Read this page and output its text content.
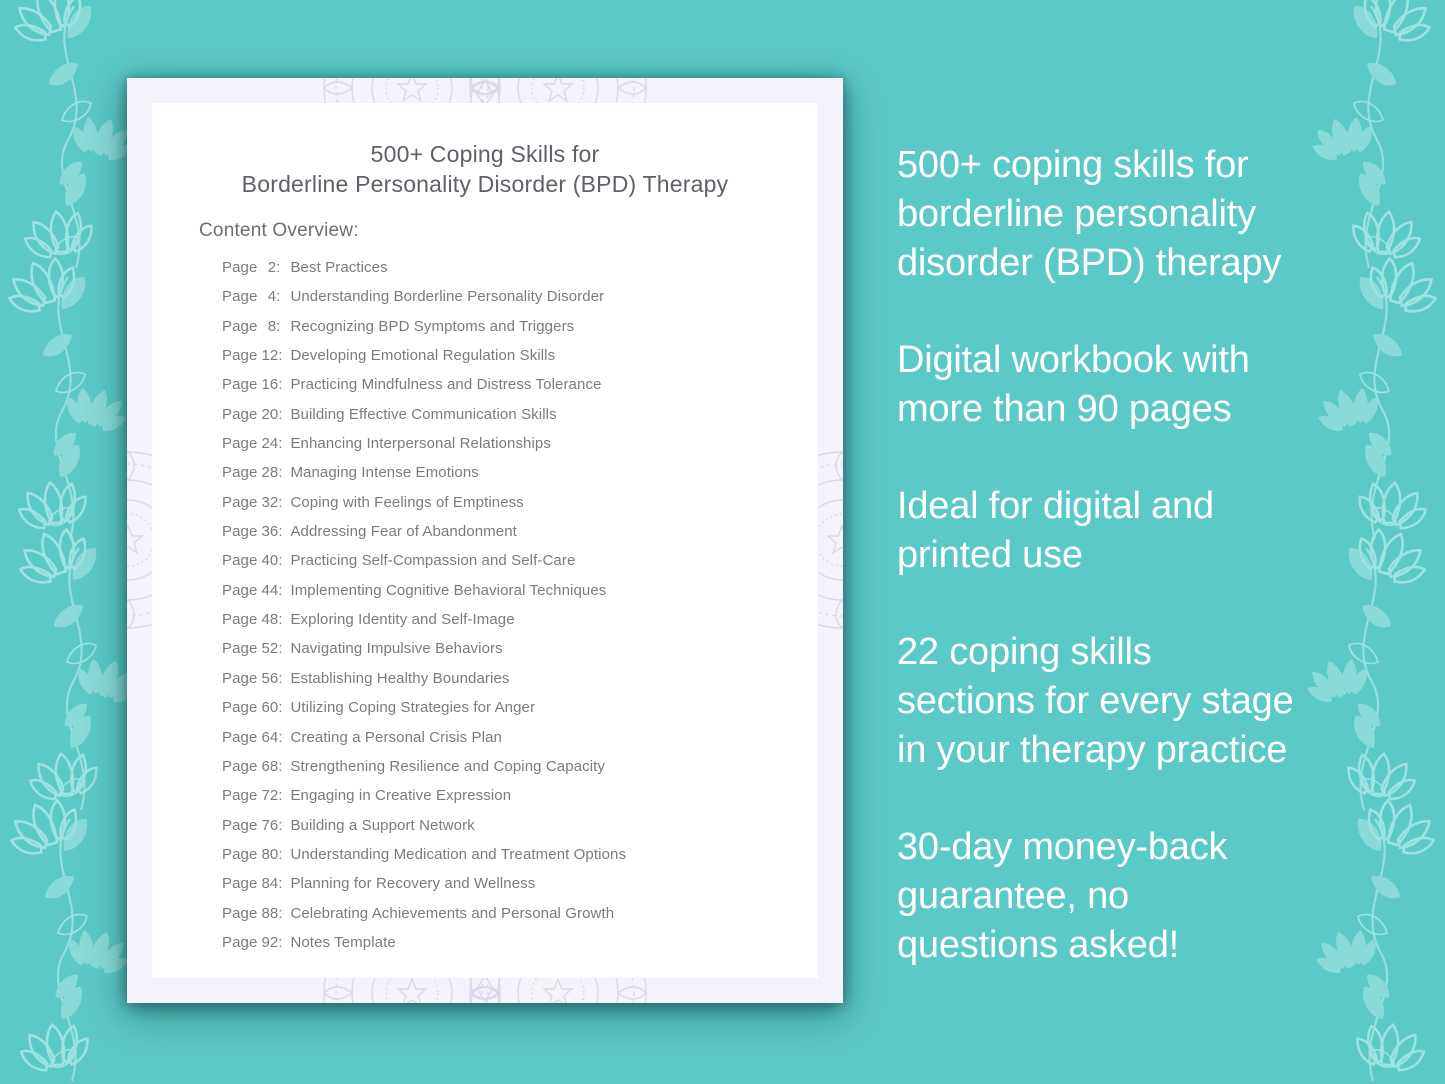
500+ Coping Skills for
Borderline Personality Disorder (BPD) Therapy
Content Overview:
Page 2: Best Practices
Page 4: Understanding Borderline Personality Disorder
Page 8: Recognizing BPD Symptoms and Triggers
Page 12: Developing Emotional Regulation Skills
Page 16: Practicing Mindfulness and Distress Tolerance
Page 20: Building Effective Communication Skills
Page 24: Enhancing Interpersonal Relationships
Page 28: Managing Intense Emotions
Page 32: Coping with Feelings of Emptiness
Page 36: Addressing Fear of Abandonment
Page 40: Practicing Self-Compassion and Self-Care
Page 44: Implementing Cognitive Behavioral Techniques
Page 48: Exploring Identity and Self-Image
Page 52: Navigating Impulsive Behaviors
Page 56: Establishing Healthy Boundaries
Page 60: Utilizing Coping Strategies for Anger
Page 64: Creating a Personal Crisis Plan
Page 68: Strengthening Resilience and Coping Capacity
Page 72: Engaging in Creative Expression
Page 76: Building a Support Network
Page 80: Understanding Medication and Treatment Options
Page 84: Planning for Recovery and Wellness
Page 88: Celebrating Achievements and Personal Growth
Page 92: Notes Template
500+ coping skills for
borderline personality
disorder (BPD) therapy
Digital workbook with
more than 90 pages
Ideal for digital and
printed use
22 coping skills
sections for every stage
in your therapy practice
30-day money-back
guarantee, no
questions asked!
